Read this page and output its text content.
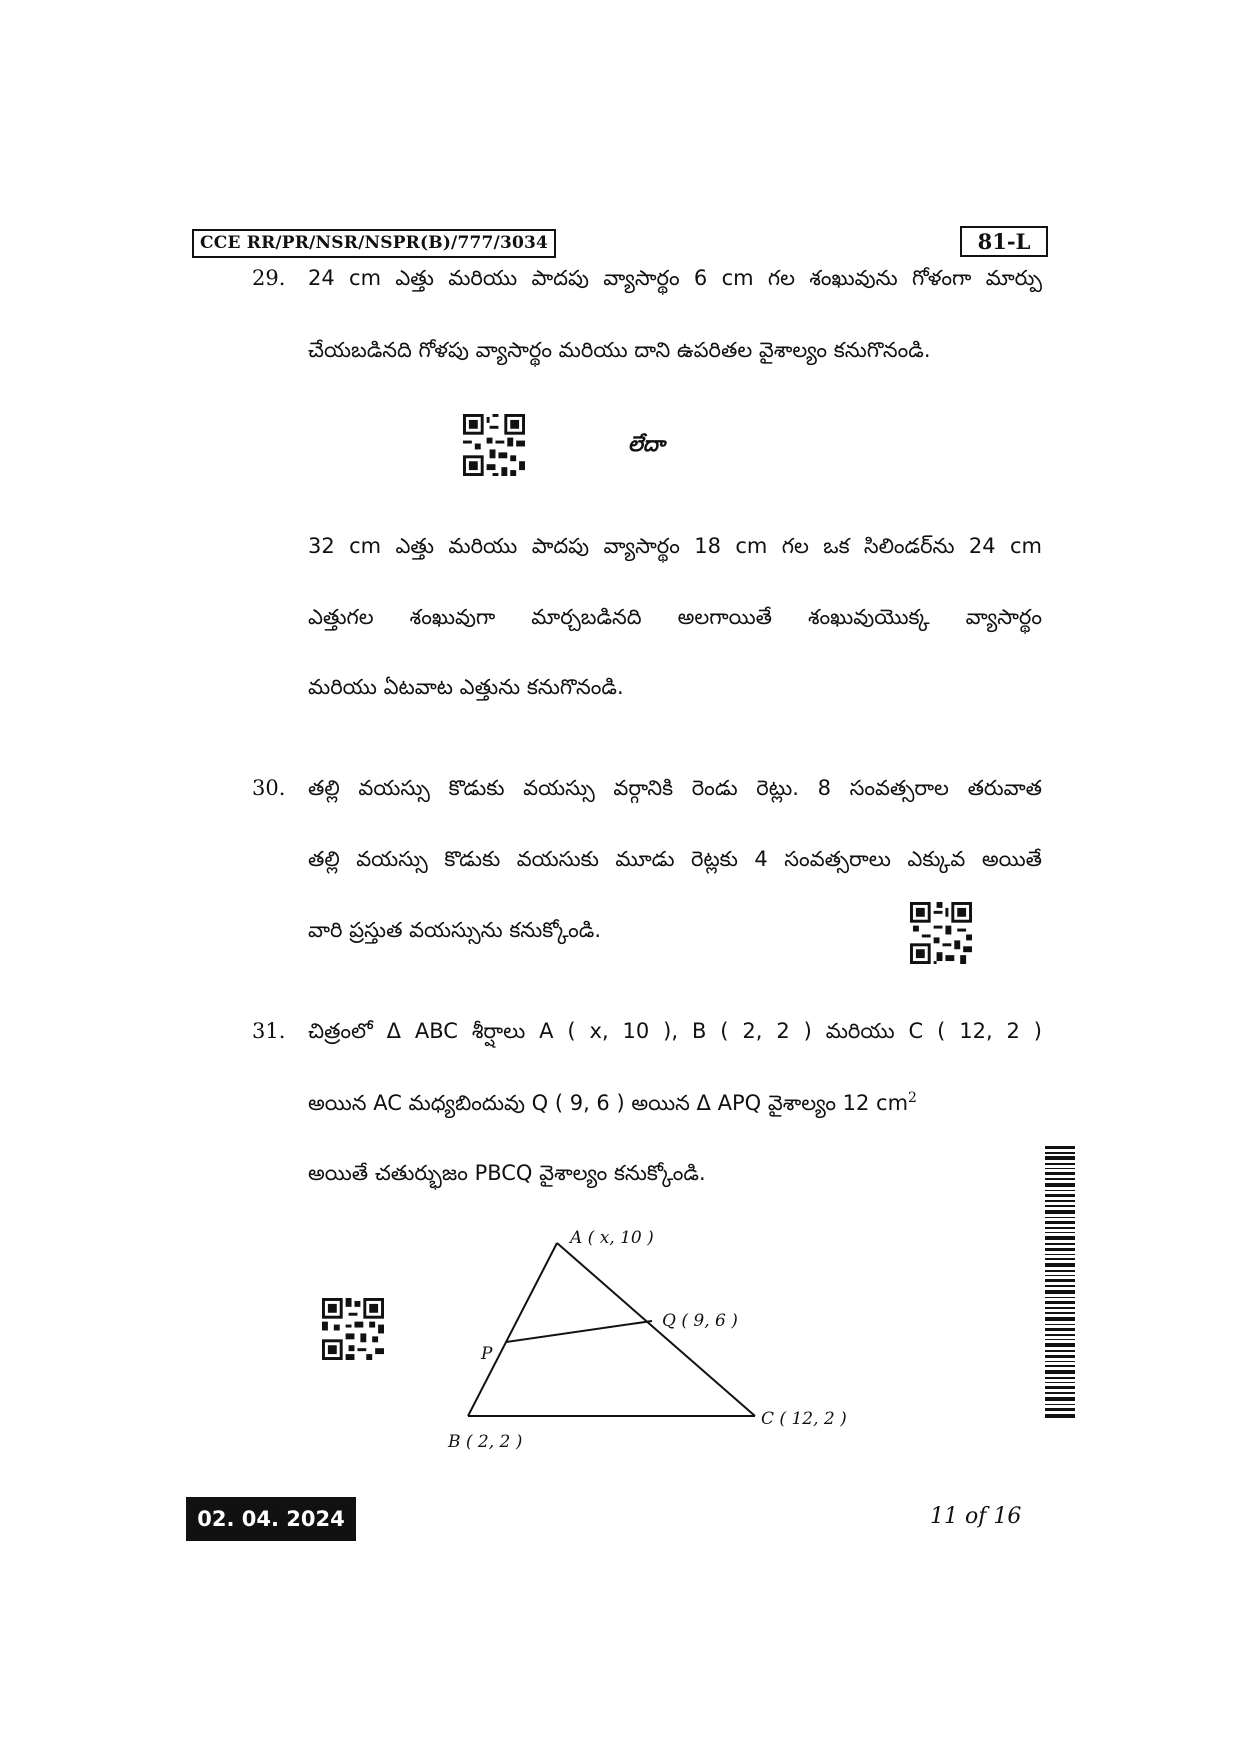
CCE RR/PR/NSR/NSPR(B)/777/3034	81-L
29. 24 cm ఎత్తు మరియు పాదపు వ్యాసార్థం 6 cm గల శంఖువును గోళంగా మార్పు
చేయబడినది గోళపు వ్యాసార్థం మరియు దాని ఉపరితల వైశాల్యం కనుగొనండి.
లేదా
32 cm ఎత్తు మరియు పాదపు వ్యాసార్థం 18 cm గల ఒక సిలిండర్‌ను 24 cm
ఎత్తుగల శంఖువుగా మార్చబడినది అలగాయితే శంఖువుయొక్క వ్యాసార్థం
మరియు ఏటవాట ఎత్తును కనుగొనండి.
30. తల్లి వయస్సు కొడుకు వయస్సు వర్గానికి రెండు రెట్లు. 8 సంవత్సరాల తరువాత
తల్లి వయస్సు కొడుకు వయసుకు మూడు రెట్లకు 4 సంవత్సరాలు ఎక్కువ అయితే
వారి ప్రస్తుత వయస్సును కనుక్కోండి.
31. చిత్రంలో Δ ABC శీర్షాలు A ( x, 10 ), B ( 2, 2 ) మరియు C ( 12, 2 )
అయిన AC మధ్యబిందువు Q ( 9, 6 ) అయిన Δ APQ వైశాల్యం 12 $cm^2$
అయితే చతుర్భుజం PBCQ వైశాల్యం కనుక్కోండి.
A ( x, 10 )
Q ( 9, 6 )
P
B ( 2, 2 )
C ( 12, 2 )
02. 04. 2024	11 of 16
